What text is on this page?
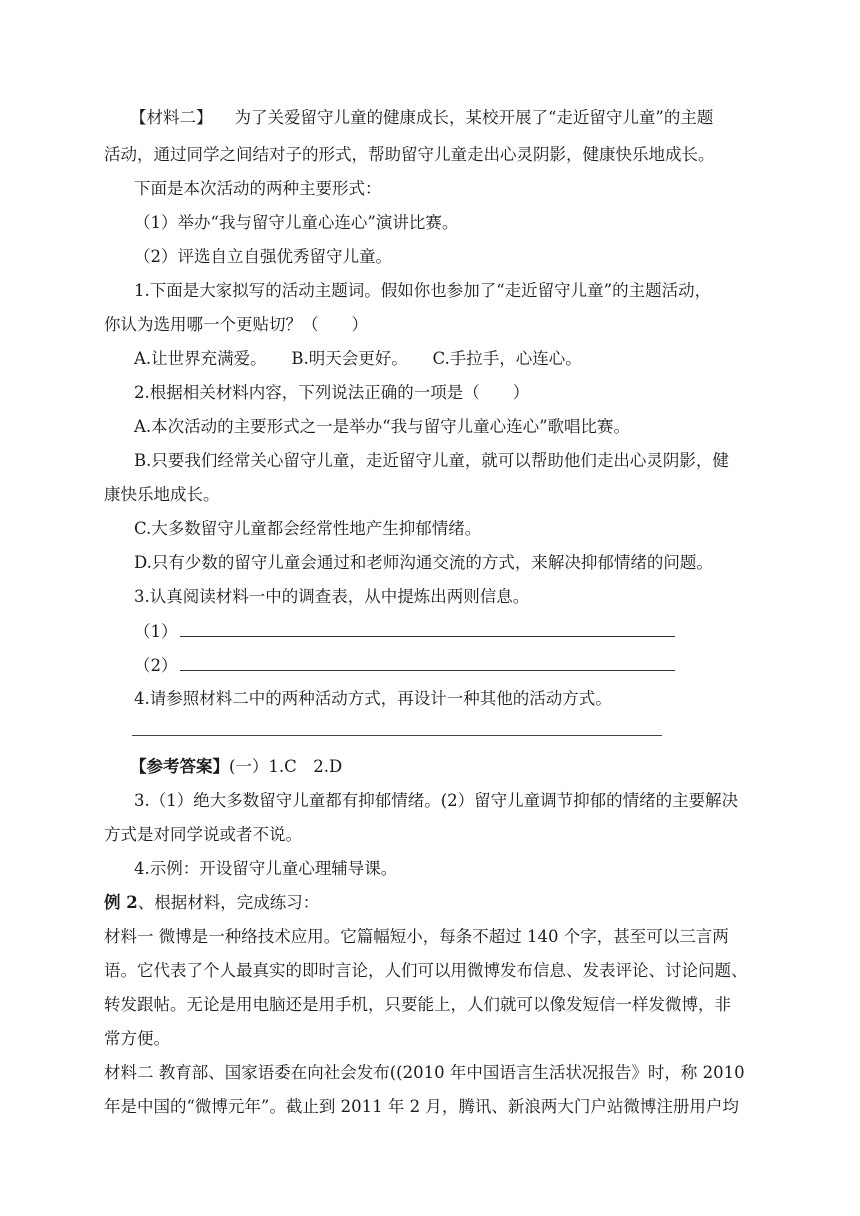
【材料二】 为了关爱留守儿童的健康成长，某校开展了“走近留守儿童”的主题
活动，通过同学之间结对子的形式，帮助留守儿童走出心灵阴影，健康快乐地成长。
下面是本次活动的两种主要形式：
（1）举办“我与留守儿童心连心”演讲比赛。
（2）评选自立自强优秀留守儿童。
1.下面是大家拟写的活动主题词。假如你也参加了“走近留守儿童”的主题活动，
你认为选用哪一个更贴切？（　　）
A.让世界充满爱。　　B.明天会更好。　　C.手拉手，心连心。
2.根据相关材料内容，下列说法正确的一项是（　　）
A.本次活动的主要形式之一是举办“我与留守儿童心连心”歌唱比赛。
B.只要我们经常关心留守儿童，走近留守儿童，就可以帮助他们走出心灵阴影，健
康快乐地成长。
C.大多数留守儿童都会经常性地产生抑郁情绪。
D.只有少数的留守儿童会通过和老师沟通交流的方式，来解决抑郁情绪的问题。
3.认真阅读材料一中的调查表，从中提炼出两则信息。
（1）
（2）
4.请参照材料二中的两种活动方式，再设计一种其他的活动方式。
【参考答案】(一）1.C　2.D
3.（1）绝大多数留守儿童都有抑郁情绪。(2）留守儿童调节抑郁的情绪的主要解决
方式是对同学说或者不说。
4.示例：开设留守儿童心理辅导课。
例 2、根据材料，完成练习：
材料一 微博是一种络技术应用。它篇幅短小，每条不超过 140 个字，甚至可以三言两
语。它代表了个人最真实的即时言论，人们可以用微博发布信息、发表评论、讨论问题、
转发跟帖。无论是用电脑还是用手机，只要能上，人们就可以像发短信一样发微博，非
常方便。
材料二 教育部、国家语委在向社会发布((2010 年中国语言生活状况报告》时，称 2010
年是中国的“微博元年”。截止到 2011 年 2 月，腾讯、新浪两大门户站微博注册用户均
